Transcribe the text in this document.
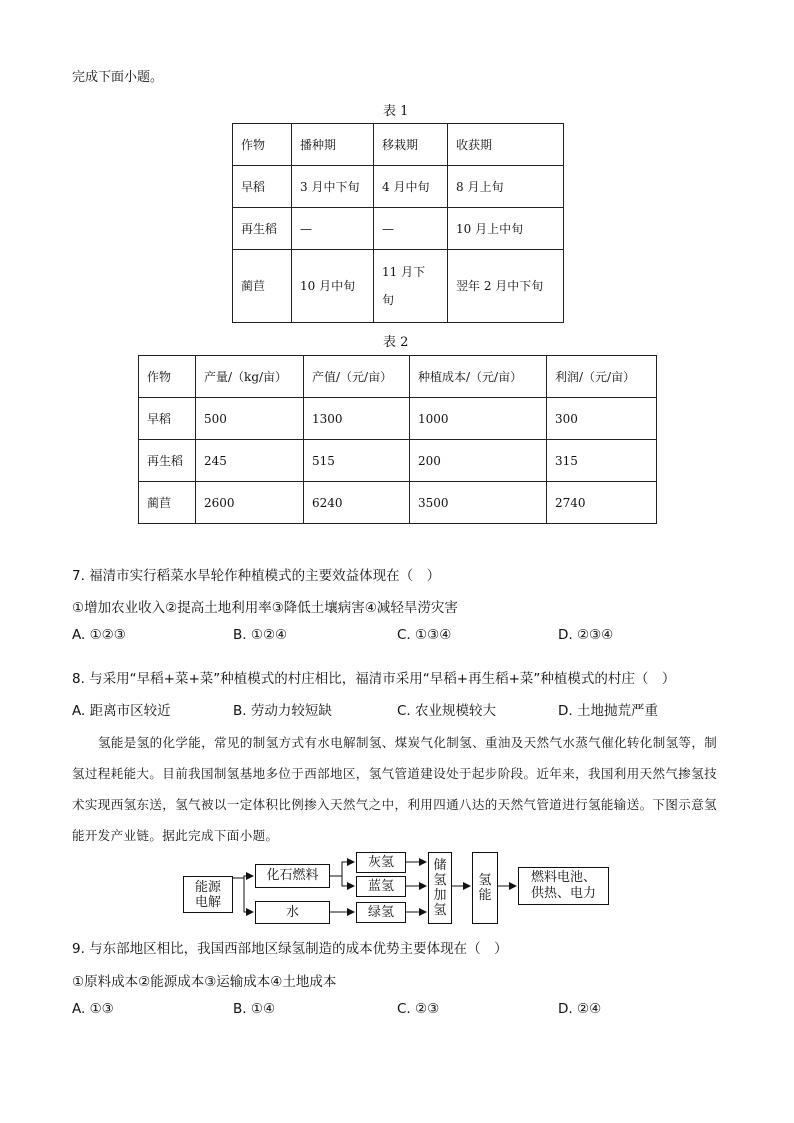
完成下面小题。
表 1
作物	播种期	移栽期	收获期
早稻	3 月中下旬	4 月中旬	8 月上旬
再生稻	—	—	10 月上中旬
蔺苣	10 月中旬	11 月下旬	翌年 2 月中下旬
表 2
作物	产量/（kg/亩）	产值/（元/亩）	种植成本/（元/亩）	利润/（元/亩）
早稻	500	1300	1000	300
再生稻	245	515	200	315
蔺苣	2600	6240	3500	2740
7. 福清市实行稻菜水旱轮作种植模式的主要效益体现在（　）
①增加农业收入②提高土地利用率③降低土壤病害④减轻旱涝灾害
A. ①②③	B. ①②④	C. ①③④	D. ②③④
8. 与采用“早稻+菜+菜”种植模式的村庄相比，福清市采用“早稻+再生稻+菜”种植模式的村庄（　）
A. 距离市区较近	B. 劳动力较短缺	C. 农业规模较大	D. 土地抛荒严重
氢能是氢的化学能，常见的制氢方式有水电解制氢、煤炭气化制氢、重油及天然气水蒸气催化转化制氢等，制氢过程耗能大。目前我国制氢基地多位于西部地区，氢气管道建设处于起步阶段。近年来，我国利用天然气掺氢技术实现西氢东送，氢气被以一定体积比例掺入天然气之中，利用四通八达的天然气管道进行氢能输送。下图示意氢能开发产业链。据此完成下面小题。
能源电解
化石燃料
水
灰氢
蓝氢
绿氢
储氢加氢
氢能
燃料电池、供热、电力
9. 与东部地区相比，我国西部地区绿氢制造的成本优势主要体现在（　）
①原料成本②能源成本③运输成本④土地成本
A. ①③	B. ①④	C. ②③	D. ②④
